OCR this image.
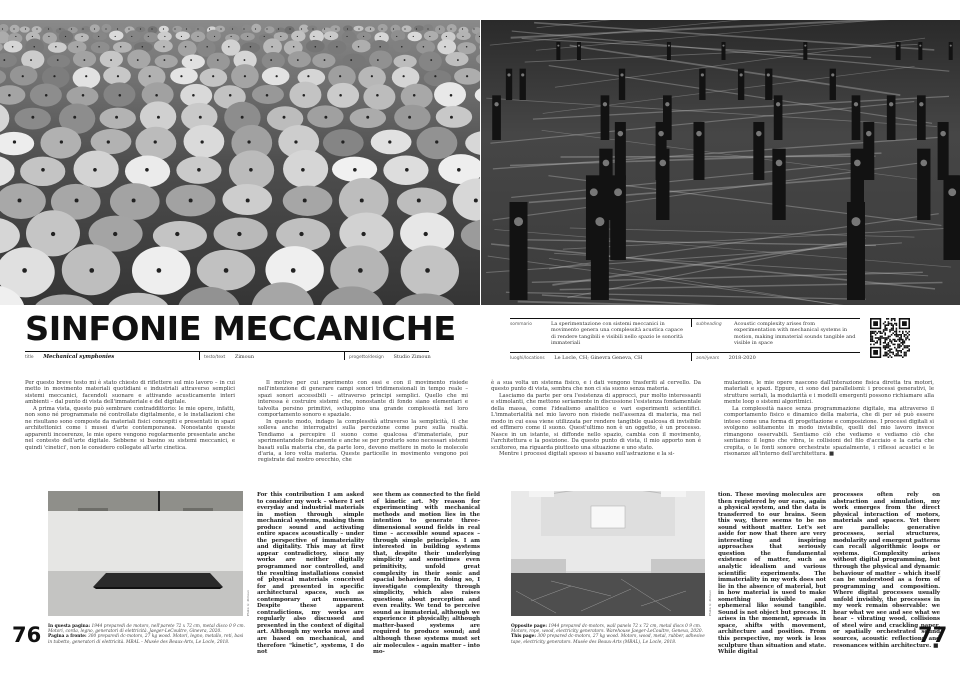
SINFONIE MECCANICHE
title Mechanical symphonies	testo/text Zimoun	progetto/design Studio Zimoun
sommario	La sperimentazione con sistemi meccanici in movimento genera una complessità acustica capace di rendere tangibili e visibili nello spazio le sonorità immateriali
subheading	Acoustic complexity arises from experimentation with mechanical systems in motion, making immaterial sounds tangible and visible in space
luoghi/locations Le Locle, CH; Ginevra Geneva, CH	anni/years 2018-2020

Per questo breve testo mi è stato chiesto di riflettere sul mio lavoro – in cui metto in movimento materiali quotidiani e industriali attraverso semplici sistemi meccanici, facendoli suonare e attivando acusticamente interi ambienti – dal punto di vista dell'immateriale e del digitale.

A prima vista, questo può sembrare contraddittorio: le mie opere, infatti, non sono né programmate né controllate digitalmente, e le installazioni che ne risultano sono composte da materiali fisici concepiti e presentati in spazi architettonici come i musei d'arte contemporanea. Nonostante queste apparenti incoerenze, le mie opere vengono regolarmente presentate anche nel contesto dell'arte digitale. Sebbene si basino su sistemi meccanici, e quindi 'cinetici', non le considero collegate all'arte cinetica.

Il motivo per cui sperimento con essi e con il movimento risiede nell'intenzione di generare campi sonori tridimensionali in tempo reale – spazi sonori accessibili – attraverso principi semplici. Quello che mi interessa è costruire sistemi che, nonostante di fondo siano elementari e talvolta persino primitivi, sviluppino una grande complessità nel loro comportamento sonoro e spaziale.

In questo modo, indago la complessità attraverso la semplicità, il che solleva anche interrogativi sulla percezione come pure sulla realtà. Tendiamo a percepire il suono come qualcosa d'immateriale, pur sperimentandolo fisicamente e anche se per produrlo sono necessari sistemi basati sulla materia che, da parte loro, devono mettere in moto le molecole d'aria, a loro volta materia. Queste particelle in movimento vengono poi registrate dal nostro orecchio, che

è a sua volta un sistema fisico, e i dati vengono trasferiti al cervello. Da questo punto di vista, sembra che non ci sia suono senza materia.

Lasciamo da parte per ora l'esistenza di approcci, pur molto interessanti e stimolanti, che mettono seriamente in discussione l'esistenza fondamentale della massa, come l'idealismo analitico e vari esperimenti scientifici. L'immaterialità nel mio lavoro non risiede nell'assenza di materia, ma nel modo in cui essa viene utilizzata per rendere tangibile qualcosa di invisibile ed effimero come il suono. Quest'ultimo non è un oggetto, è un processo. Nasce in un istante, si diffonde nello spazio, cambia con il movimento, l'architettura e la posizione. Da questo punto di vista, il mio apporto non è scultoreo, ma riguarda piuttosto una situazione e uno stato.

Mentre i processi digitali spesso si basano sull'astrazione e la si-

mulazione, le mie opere nascono dall'interazione fisica diretta tra motori, materiali e spazi. Eppure, ci sono dei parallelismi: i processi generativi, le strutture seriali, la modularità e i modelli emergenti possono richiamare alla mente loop o sistemi algoritmici.

La complessità nasce senza programmazione digitale, ma attraverso il comportamento fisico e dinamico della materia, che di per sé può essere inteso come una forma di progettazione e composizione. I processi digitali si svolgono solitamente in modo invisibile, quelli del mio lavoro invece rimangono osservabili. Sentiamo ciò che vediamo e vediamo ciò che sentiamo: il legno che vibra, le collisioni del filo d'acciaio e la carta che crepita, o le fonti sonore orchestrate spazialmente, i riflessi acustici e le risonanze all'interno dell'architettura. ■

Photo © Zimoun
For this contribution I am asked to consider my work – where I set everyday and industrial materials in motion through simple mechanical systems, making them produce sound and activating entire spaces acoustically – under the perspective of immateriality and digitality. This may at first appear contradictory, since my works are neither digitally programmed nor controlled, and the resulting installations consist of physical materials conceived for and presented in specific architectural spaces, such as contemporary art museums. Despite these apparent contradictions, my works are regularly also discussed and presented in the context of digital art. Although my works move and are based on mechanical, and therefore "kinetic", systems, I do not
see them as connected to the field of kinetic art. My reason for experimenting with mechanical methods and motion lies in the intention to generate three-dimensional sound fields in real time – accessible sound spaces – through simple principles. I am interested in building systems that, despite their underlying simplicity and sometimes even primitivity, unfold great complexity in their sonic and spacial behaviour. In doing so, I investigate complexity through simplicity, which also raises questions about perception and even reality. We tend to perceive sound as immaterial, although we experience it physically; although matter-based systems are required to produce sound; and although these systems must set air molecules – again matter – into mo-
Photo © Zimoun
tion. These moving molecules are then registered by our ears, again a physical system, and the data is transferred to our brains. Seen this way, there seems to be no sound without matter. Let's set aside for now that there are very interesting and inspiring approaches that seriously question the fundamental existence of matter, such as analytic idealism and various scientific experiments. The immateriality in my work does not lie in the absence of material, but in how material is used to make something invisible and ephemeral like sound tangible. Sound is not object but process. It arises in the moment, spreads in space, shifts with movement, architecture and position. From this perspective, my work is less sculpture than situation and state. While digital
processes often rely on abstraction and simulation, my work emerges from the direct physical interaction of motors, materials and spaces. Yet there are parallels: generative processes, serial structures, modularity and emergent patterns can recall algorithmic loops or systems. Complexity arises without digital programming, but through the physical and dynamic behaviour of matter – which itself can be understood as a form of programming and composition. Where digital processes usually unfold invisibly, the processes in my work remain observable: we hear what we see and see what we hear – vibrating wood, collisions of steel wire and crackling paper, or spatially orchestrated sound sources, acoustic reflections and resonances within architecture. ■
In questa pagina: 1944 preparedi de motors, nell'parete 72 x 72 cm, metal disco 0 9 cm. Motori, corda, legno, generatori di elettricità. Jaeger-LeCoultre, Ginevra, 2020.
Pagina a fronte: 300 preparedi dc-motors, 27 kg wood. Motori, legno, metallo, reti, basi in tubetto, generatori di elettricità. MBAL – Musée des Beaux-Arts, Le Locle, 2018.
Opposite page: 1944 prepared dc-motors, wall panels 72 x 72 cm, metal discs 0 9 cm. Motors, rope, wood, electricity generators. Warehouse Jaeger-LeCoultre, Geneva, 2020.
This page: 300 prepared dc-motors, 27 kg wood. Motors, wood, metal, rubber, adhesive tape, electricity generators. Musée des Beaux-Arts (MBAL), Le Locle, 2018.
76	77
